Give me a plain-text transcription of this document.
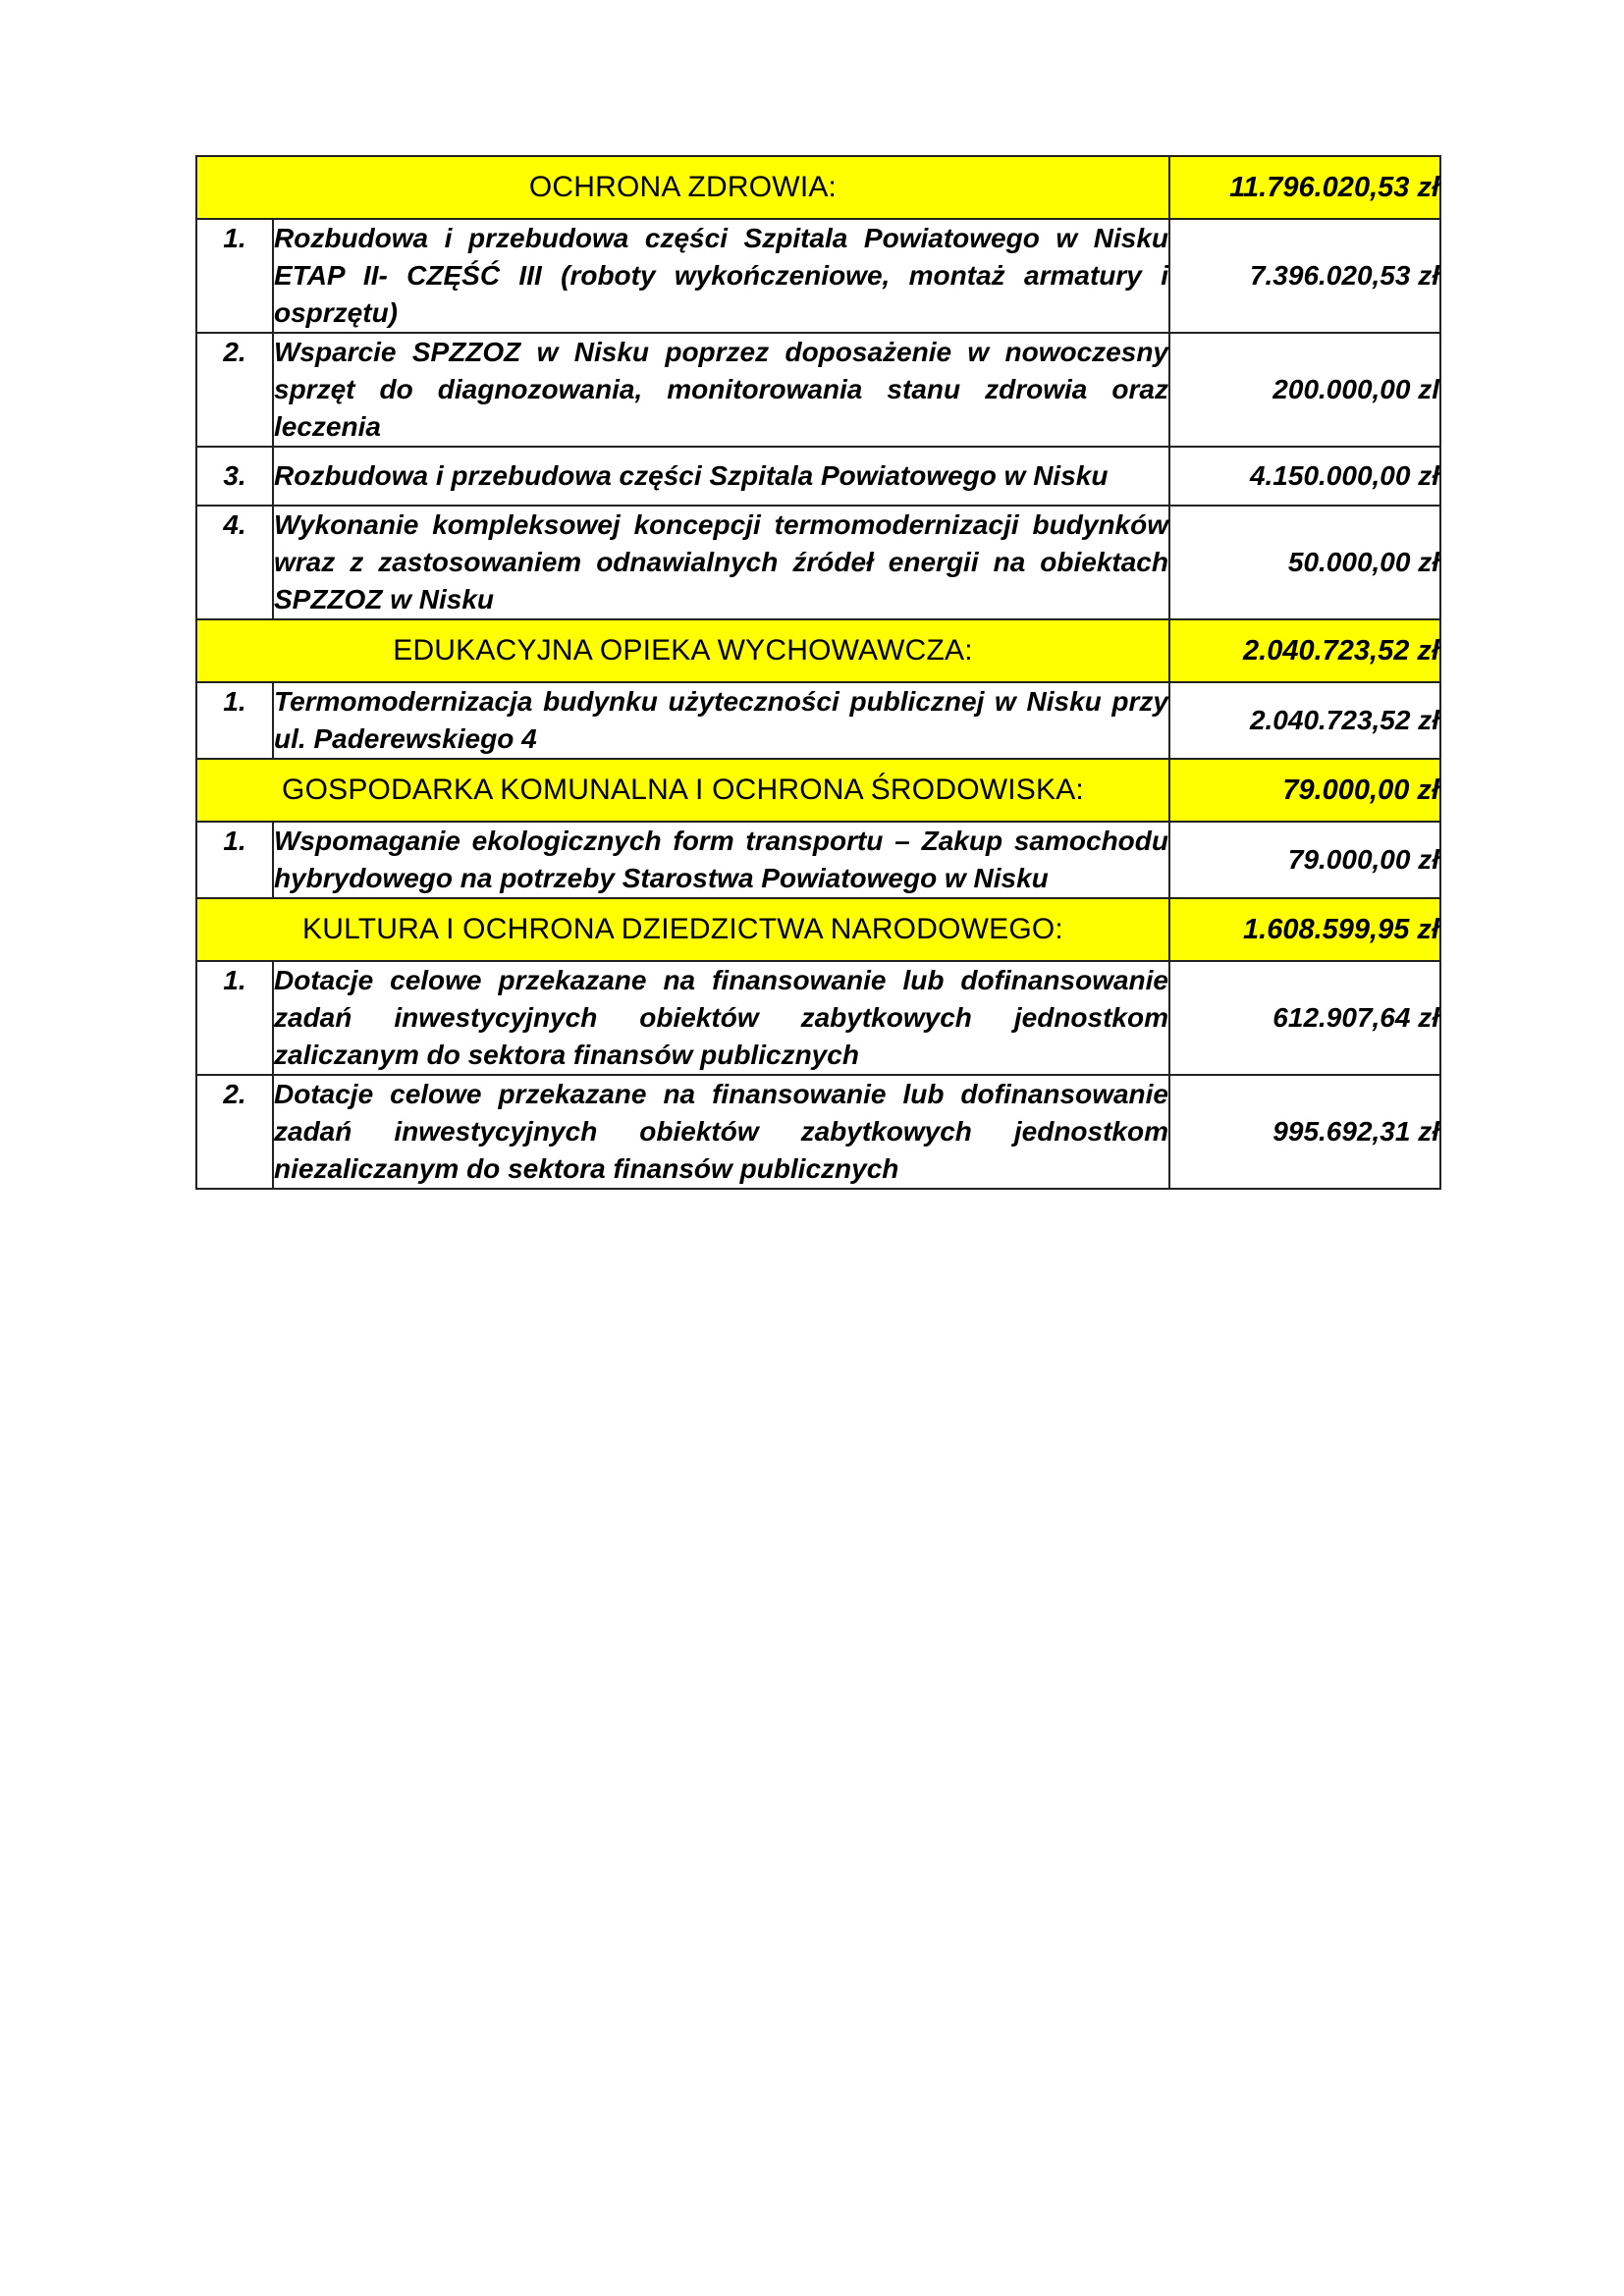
OCHRONA ZDROWIA:		11.796.020,53 zł
1.	Rozbudowa i przebudowa części Szpitala Powiatowego w Nisku ETAP II- CZĘŚĆ III (roboty wykończeniowe, montaż armatury i osprzętu)	7.396.020,53 zł
2.	Wsparcie SPZZOZ w Nisku poprzez doposażenie w nowoczesny sprzęt do diagnozowania, monitorowania stanu zdrowia oraz leczenia	200.000,00 zl
3.	Rozbudowa i przebudowa części Szpitala Powiatowego w Nisku	4.150.000,00 zł
4.	Wykonanie kompleksowej koncepcji termomodernizacji budynków wraz z zastosowaniem odnawialnych źródeł energii na obiektach SPZZOZ w Nisku	50.000,00 zł
EDUKACYJNA OPIEKA WYCHOWAWCZA:		2.040.723,52 zł
1.	Termomodernizacja budynku użyteczności publicznej w Nisku przy ul. Paderewskiego 4	2.040.723,52 zł
GOSPODARKA KOMUNALNA I OCHRONA ŚRODOWISKA:		79.000,00 zł
1.	Wspomaganie ekologicznych form transportu – Zakup samochodu hybrydowego na potrzeby Starostwa Powiatowego w Nisku	79.000,00 zł
KULTURA I OCHRONA DZIEDZICTWA NARODOWEGO:		1.608.599,95 zł
1.	Dotacje celowe przekazane na finansowanie lub dofinansowanie zadań inwestycyjnych obiektów zabytkowych jednostkom zaliczanym do sektora finansów publicznych	612.907,64 zł
2.	Dotacje celowe przekazane na finansowanie lub dofinansowanie zadań inwestycyjnych obiektów zabytkowych jednostkom niezaliczanym do sektora finansów publicznych	995.692,31 zł
